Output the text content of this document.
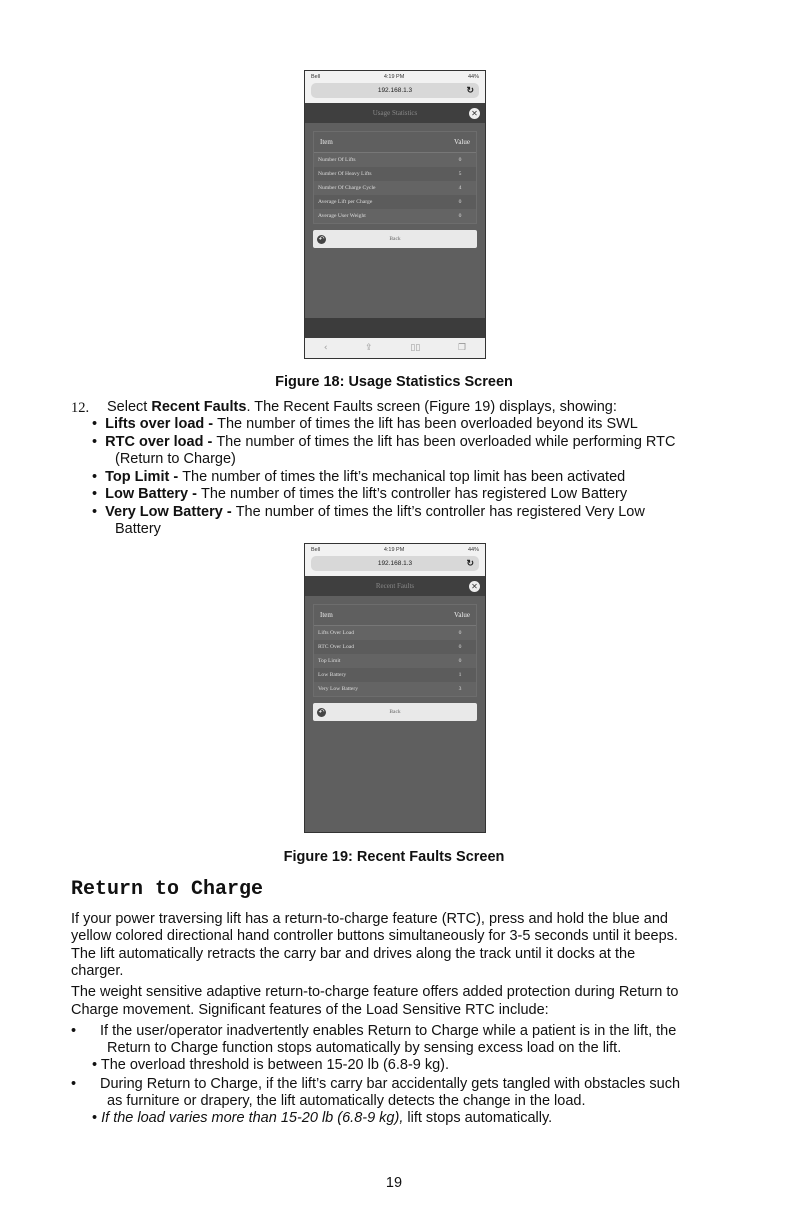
Bell	4:19 PM	44%
192.168.1.3	↻
Usage Statistics	✕
Item	Value
Number Of Lifts	0
Number Of Heavy Lifts	5
Number Of Charge Cycle	4
Average Lift per Charge	0
Average User Weight	0
↶	Back
‹	⇪	▯▯	❐
Figure 18: Usage Statistics Screen
12. Select Recent Faults. The Recent Faults screen (Figure 19) displays, showing:
•  Lifts over load - The number of times the lift has been overloaded beyond its SWL
•  RTC over load - The number of times the lift has been overloaded while performing RTC
(Return to Charge)
•  Top Limit - The number of times the lift’s mechanical top limit has been activated
•  Low Battery - The number of times the lift’s controller has registered Low Battery
•  Very Low Battery - The number of times the lift’s controller has registered Very Low
Battery
Bell	4:19 PM	44%
192.168.1.3	↻
Recent Faults	✕
Item	Value
Lifts Over Load	0
RTC Over Load	0
Top Limit	0
Low Battery	1
Very Low Battery	3
↶	Back
Figure 19: Recent Faults Screen
Return to Charge
If your power traversing lift has a return-to-charge feature (RTC), press and hold the blue and
yellow colored directional hand controller buttons simultaneously for 3-5 seconds until it beeps.
The lift automatically retracts the carry bar and drives along the track until it docks at the
charger.
The weight sensitive adaptive return-to-charge feature offers added protection during Return to
Charge movement. Significant features of the Load Sensitive RTC include:
• If the user/operator inadvertently enables Return to Charge while a patient is in the lift, the
Return to Charge function stops automatically by sensing excess load on the lift.
• The overload threshold is between 15-20 lb (6.8-9 kg).
• During Return to Charge, if the lift’s carry bar accidentally gets tangled with obstacles such
as furniture or drapery, the lift automatically detects the change in the load.
• If the load varies more than 15-20 lb (6.8-9 kg), lift stops automatically.
19
